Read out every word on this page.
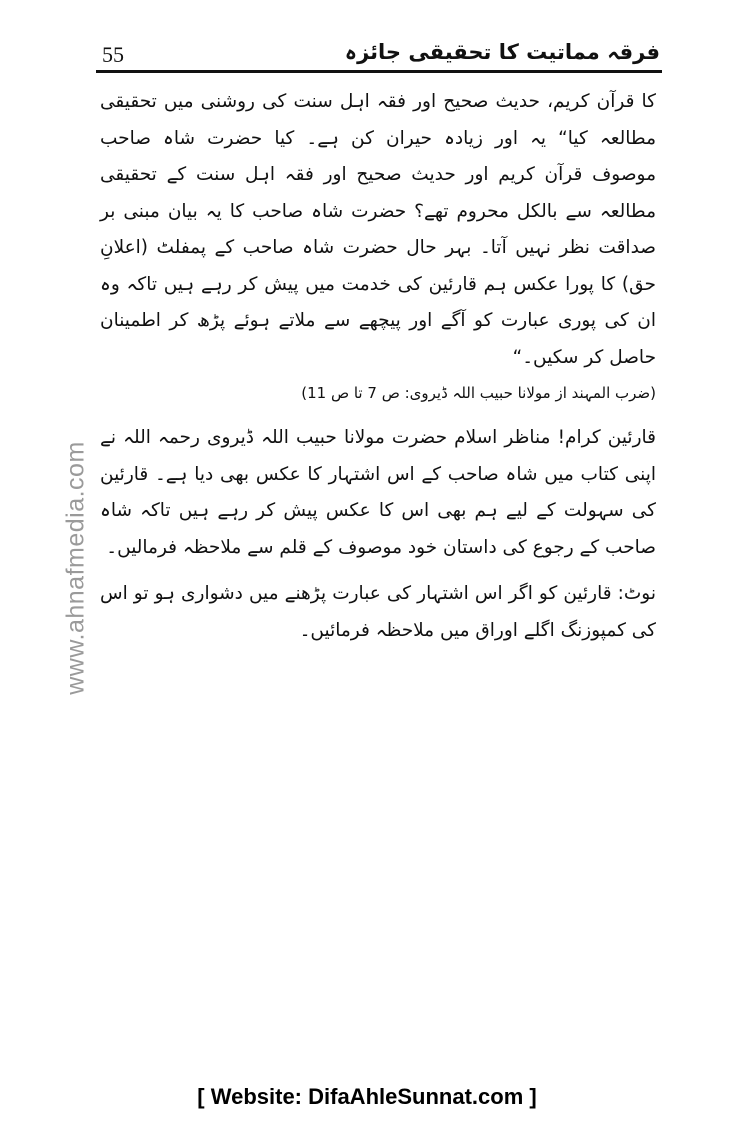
55	فرقہ مماتیت کا تحقیقی جائزہ
www.ahnafmedia.com

کا قرآن کریم، حدیث صحیح اور فقہ اہل سنت کی روشنی میں تحقیقی مطالعہ کیا“ یہ اور زیادہ حیران کن ہے۔ کیا حضرت شاہ صاحب موصوف قرآن کریم اور حدیث صحیح اور فقہ اہل سنت کے تحقیقی مطالعہ سے بالکل محروم تھے؟ حضرت شاہ صاحب کا یہ بیان مبنی بر صداقت نظر نہیں آتا۔ بہر حال حضرت شاہ صاحب کے پمفلٹ (اعلانِ حق) کا پورا عکس ہم قارئین کی خدمت میں پیش کر رہے ہیں تاکہ وہ ان کی پوری عبارت کو آگے اور پیچھے سے ملاتے ہوئے پڑھ کر اطمینان حاصل کر سکیں۔“

(ضرب المہند از مولانا حبیب اللہ ڈیروی: ص 7 تا ص 11)

قارئین کرام! مناظر اسلام حضرت مولانا حبیب اللہ ڈیروی رحمہ اللہ نے اپنی کتاب میں شاہ صاحب کے اس اشتہار کا عکس بھی دیا ہے۔ قارئین کی سہولت کے لیے ہم بھی اس کا عکس پیش کر رہے ہیں تاکہ شاہ صاحب کے رجوع کی داستان خود موصوف کے قلم سے ملاحظہ فرمالیں۔

نوٹ: قارئین کو اگر اس اشتہار کی عبارت پڑھنے میں دشواری ہو تو اس کی کمپوزنگ اگلے اوراق میں ملاحظہ فرمائیں۔

[ Website: DifaAhleSunnat.com ]
